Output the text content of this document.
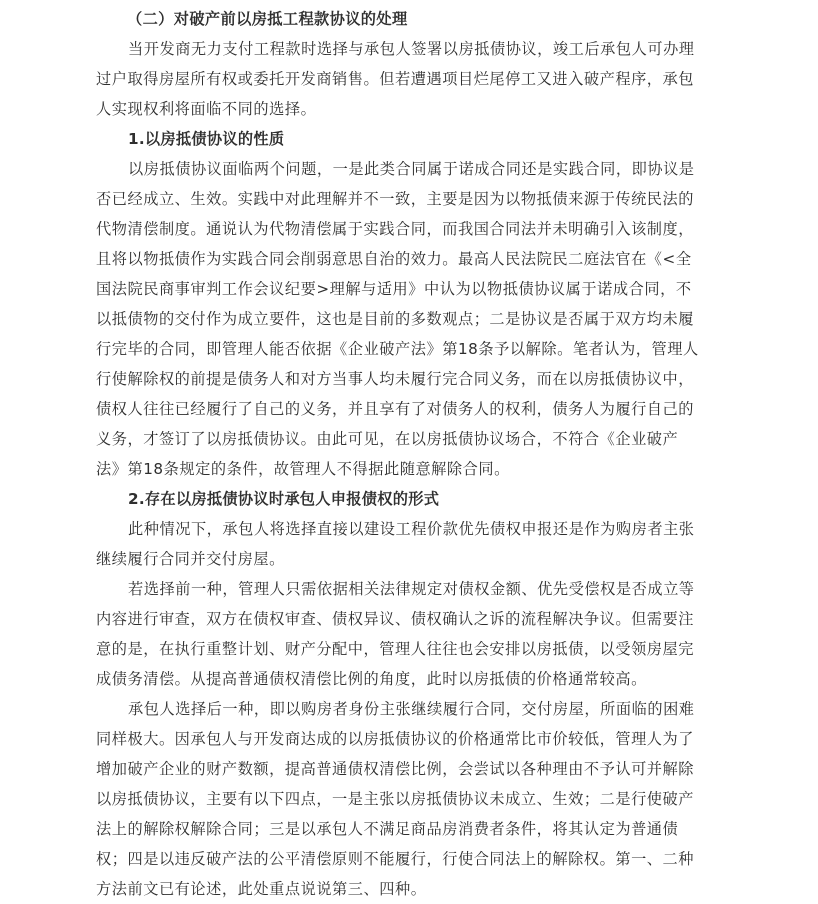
（二）对破产前以房抵工程款协议的处理
当开发商无力支付工程款时选择与承包人签署以房抵债协议，竣工后承包人可办理
过户取得房屋所有权或委托开发商销售。但若遭遇项目烂尾停工又进入破产程序，承包
人实现权利将面临不同的选择。
1.以房抵债协议的性质
以房抵债协议面临两个问题，一是此类合同属于诺成合同还是实践合同，即协议是
否已经成立、生效。实践中对此理解并不一致，主要是因为以物抵债来源于传统民法的
代物清偿制度。通说认为代物清偿属于实践合同，而我国合同法并未明确引入该制度，
且将以物抵债作为实践合同会削弱意思自治的效力。最高人民法院民二庭法官在《<全
国法院民商事审判工作会议纪要>理解与适用》中认为以物抵债协议属于诺成合同，不
以抵债物的交付作为成立要件，这也是目前的多数观点；二是协议是否属于双方均未履
行完毕的合同，即管理人能否依据《企业破产法》第18条予以解除。笔者认为，管理人
行使解除权的前提是债务人和对方当事人均未履行完合同义务，而在以房抵债协议中，
债权人往往已经履行了自己的义务，并且享有了对债务人的权利，债务人为履行自己的
义务，才签订了以房抵债协议。由此可见，在以房抵债协议场合，不符合《企业破产
法》第18条规定的条件，故管理人不得据此随意解除合同。
2.存在以房抵债协议时承包人申报债权的形式
此种情况下，承包人将选择直接以建设工程价款优先债权申报还是作为购房者主张
继续履行合同并交付房屋。
若选择前一种，管理人只需依据相关法律规定对债权金额、优先受偿权是否成立等
内容进行审查，双方在债权审查、债权异议、债权确认之诉的流程解决争议。但需要注
意的是，在执行重整计划、财产分配中，管理人往往也会安排以房抵债，以受领房屋完
成债务清偿。从提高普通债权清偿比例的角度，此时以房抵债的价格通常较高。
承包人选择后一种，即以购房者身份主张继续履行合同，交付房屋，所面临的困难
同样极大。因承包人与开发商达成的以房抵债协议的价格通常比市价较低，管理人为了
增加破产企业的财产数额，提高普通债权清偿比例，会尝试以各种理由不予认可并解除
以房抵债协议，主要有以下四点，一是主张以房抵债协议未成立、生效；二是行使破产
法上的解除权解除合同；三是以承包人不满足商品房消费者条件，将其认定为普通债
权；四是以违反破产法的公平清偿原则不能履行，行使合同法上的解除权。第一、二种
方法前文已有论述，此处重点说说第三、四种。
